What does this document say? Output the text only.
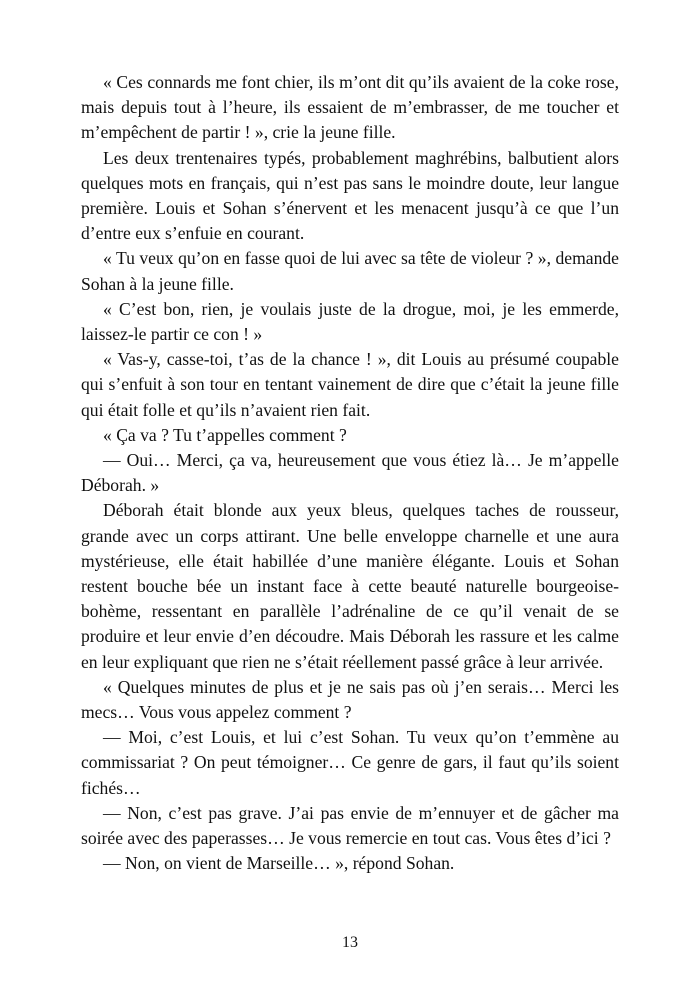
« Ces connards me font chier, ils m’ont dit qu’ils avaient de la coke rose, mais depuis tout à l’heure, ils essaient de m’embrasser, de me toucher et m’empêchent de partir ! », crie la jeune fille.

Les deux trentenaires typés, probablement maghrébins, balbutient alors quelques mots en français, qui n’est pas sans le moindre doute, leur langue première. Louis et Sohan s’énervent et les menacent jusqu’à ce que l’un d’entre eux s’enfuie en courant.

« Tu veux qu’on en fasse quoi de lui avec sa tête de violeur ? », demande Sohan à la jeune fille.

« C’est bon, rien, je voulais juste de la drogue, moi, je les emmerde, laissez-le partir ce con ! »

« Vas-y, casse-toi, t’as de la chance ! », dit Louis au présumé coupable qui s’enfuit à son tour en tentant vainement de dire que c’était la jeune fille qui était folle et qu’ils n’avaient rien fait.

« Ça va ? Tu t’appelles comment ?

— Oui… Merci, ça va, heureusement que vous étiez là… Je m’appelle Déborah. »

Déborah était blonde aux yeux bleus, quelques taches de rousseur, grande avec un corps attirant. Une belle enveloppe charnelle et une aura mystérieuse, elle était habillée d’une manière élégante. Louis et Sohan restent bouche bée un instant face à cette beauté naturelle bourgeoise-bohème, ressentant en parallèle l’adrénaline de ce qu’il venait de se produire et leur envie d’en découdre. Mais Déborah les rassure et les calme en leur expliquant que rien ne s’était réellement passé grâce à leur arrivée.

« Quelques minutes de plus et je ne sais pas où j’en serais… Merci les mecs… Vous vous appelez comment ?

— Moi, c’est Louis, et lui c’est Sohan. Tu veux qu’on t’emmène au commissariat ? On peut témoigner… Ce genre de gars, il faut qu’ils soient fichés…

— Non, c’est pas grave. J’ai pas envie de m’ennuyer et de gâcher ma soirée avec des paperasses… Je vous remercie en tout cas. Vous êtes d’ici ?

— Non, on vient de Marseille… », répond Sohan.

13
